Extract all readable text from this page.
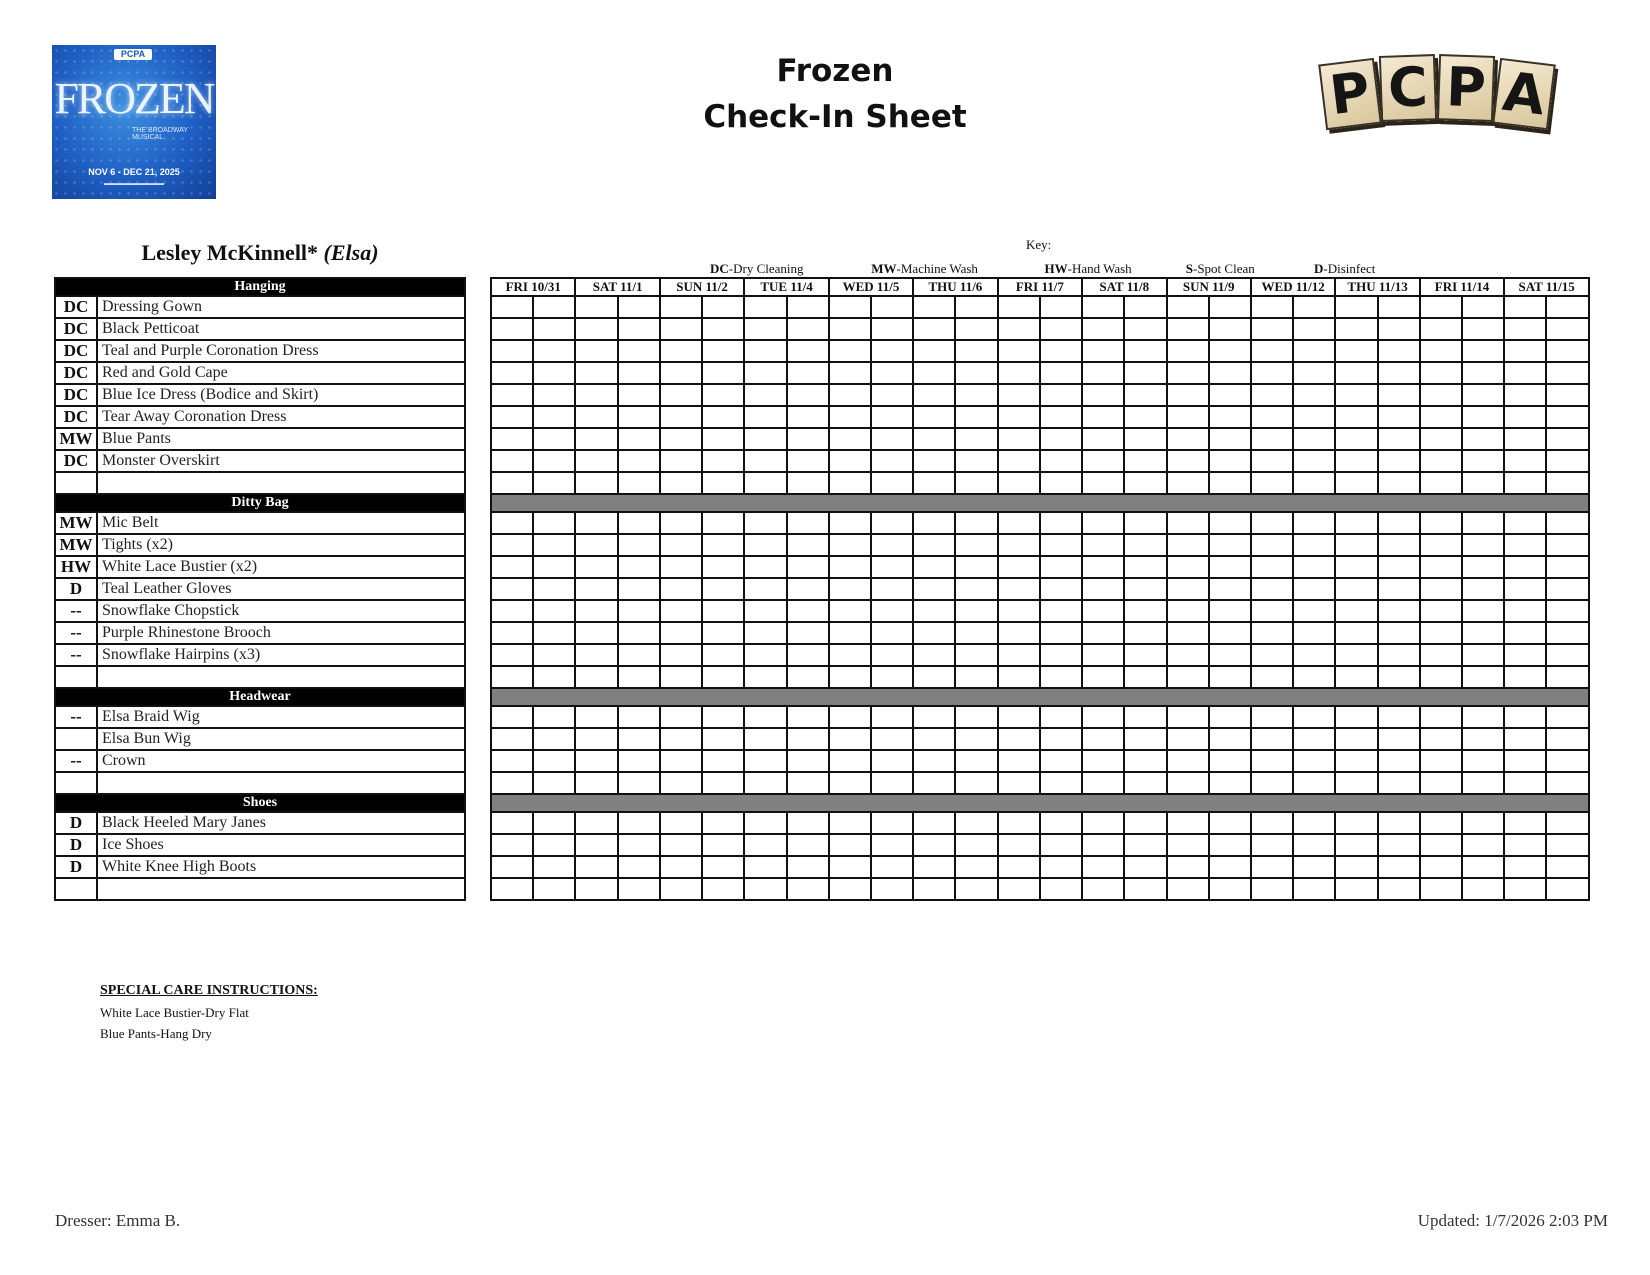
PCPA
FROZEN
THE BROADWAY MUSICAL
NOV 6 - DEC 21, 2025
▬▬▬▬▬▬▬▬▬▬
Frozen
Check-In Sheet	P C P A
Lesley McKinnell* (Elsa)	Key:
DC-Dry Cleaning	MW-Machine Wash	HW-Hand Wash	S-Spot Clean	D-Disinfect
Hanging	
DC	Dressing Gown
DC	Black Petticoat
DC	Teal and Purple Coronation Dress
DC	Red and Gold Cape
DC	Blue Ice Dress (Bodice and Skirt)
DC	Tear Away Coronation Dress
MW	Blue Pants
DC	Monster Overskirt

Ditty Bag	
MW	Mic Belt
MW	Tights (x2)
HW	White Lace Bustier (x2)
D	Teal Leather Gloves
--	Snowflake Chopstick
--	Purple Rhinestone Brooch
--	Snowflake Hairpins (x3)

Headwear	
--	Elsa Braid Wig
	Elsa Bun Wig
--	Crown

Shoes	
D	Black Heeled Mary Janes
D	Ice Shoes
D	White Knee High Boots

FRI 10/31		SAT 11/1		SUN 11/2		TUE 11/4		WED 11/5		THU 11/6		FRI 11/7		SAT 11/8		SUN 11/9		WED 11/12		THU 11/13		FRI 11/14		SAT 11/15	

SPECIAL CARE INSTRUCTIONS:
White Lace Bustier-Dry Flat
Blue Pants-Hang Dry
Dresser: Emma B.	Updated: 1/7/2026 2:03 PM
